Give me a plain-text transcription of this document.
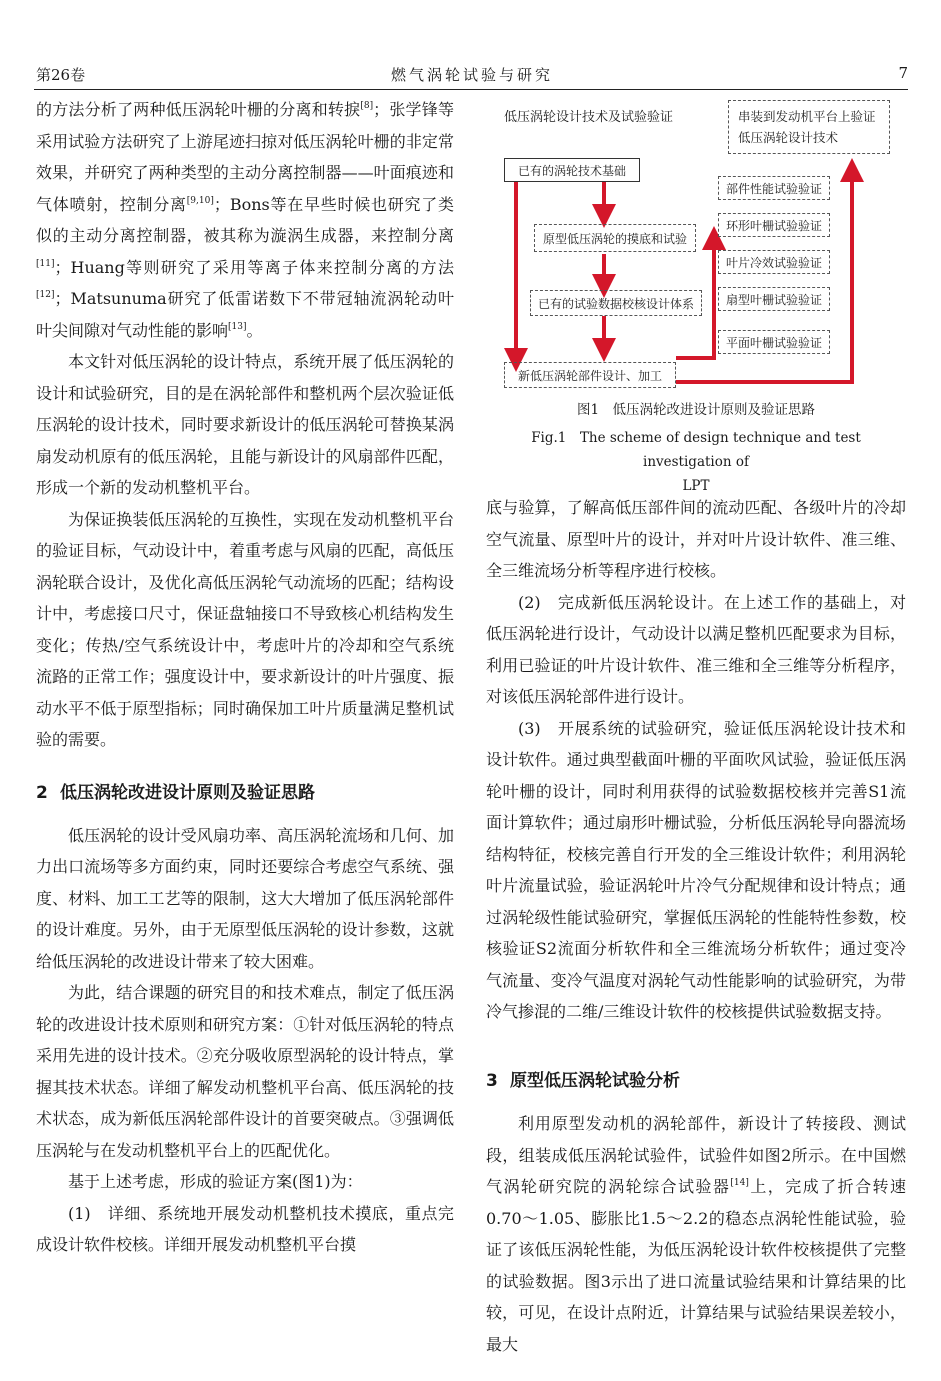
第26卷	燃气涡轮试验与研究	7
的方法分析了两种低压涡轮叶栅的分离和转捩[8]；张学锋等采用试验方法研究了上游尾迹扫掠对低压涡轮叶栅的非定常效果，并研究了两种类型的主动分离控制器——叶面痕迹和气体喷射，控制分离[9,10]；Bons等在早些时候也研究了类似的主动分离控制器，被其称为漩涡生成器，来控制分离[11]；Huang等则研究了采用等离子体来控制分离的方法[12]；Matsunuma研究了低雷诺数下不带冠轴流涡轮动叶叶尖间隙对气动性能的影响[13]。
本文针对低压涡轮的设计特点，系统开展了低压涡轮的设计和试验研究，目的是在涡轮部件和整机两个层次验证低压涡轮的设计技术，同时要求新设计的低压涡轮可替换某涡扇发动机原有的低压涡轮，且能与新设计的风扇部件匹配，形成一个新的发动机整机平台。
为保证换装低压涡轮的互换性，实现在发动机整机平台的验证目标，气动设计中，着重考虑与风扇的匹配，高低压涡轮联合设计，及优化高低压涡轮气动流场的匹配；结构设计中，考虑接口尺寸，保证盘轴接口不导致核心机结构发生变化；传热/空气系统设计中，考虑叶片的冷却和空气系统流路的正常工作；强度设计中，要求新设计的叶片强度、振动水平不低于原型指标；同时确保加工叶片质量满足整机试验的需要。
2 低压涡轮改进设计原则及验证思路
低压涡轮的设计受风扇功率、高压涡轮流场和几何、加力出口流场等多方面约束，同时还要综合考虑空气系统、强度、材料、加工工艺等的限制，这大大增加了低压涡轮部件的设计难度。另外，由于无原型低压涡轮的设计参数，这就给低压涡轮的改进设计带来了较大困难。
为此，结合课题的研究目的和技术难点，制定了低压涡轮的改进设计技术原则和研究方案：①针对低压涡轮的特点采用先进的设计技术。②充分吸收原型涡轮的设计特点，掌握其技术状态。详细了解发动机整机平台高、低压涡轮的技术状态，成为新低压涡轮部件设计的首要突破点。③强调低压涡轮与在发动机整机平台上的匹配优化。
基于上述考虑，形成的验证方案(图1)为：
(1)　详细、系统地开展发动机整机技术摸底，重点完成设计软件校核。详细开展发动机整机平台摸
低压涡轮设计技术及试验验证	串装到发动机平台上验证
低压涡轮设计技术
已有的涡轮技术基础
部件性能试验验证
环形叶栅试验验证
原型低压涡轮的摸底和试验
叶片冷效试验验证
扇型叶栅试验验证
已有的试验数据校核设计体系
平面叶栅试验验证
新低压涡轮部件设计、加工
图1　低压涡轮改进设计原则及验证思路
Fig.1　The scheme of design technique and test investigation of
LPT
底与验算，了解高低压部件间的流动匹配、各级叶片的冷却空气流量、原型叶片的设计，并对叶片设计软件、准三维、全三维流场分析等程序进行校核。
(2)　完成新低压涡轮设计。在上述工作的基础上，对低压涡轮进行设计，气动设计以满足整机匹配要求为目标，利用已验证的叶片设计软件、准三维和全三维等分析程序，对该低压涡轮部件进行设计。
(3)　开展系统的试验研究，验证低压涡轮设计技术和设计软件。通过典型截面叶栅的平面吹风试验，验证低压涡轮叶栅的设计，同时利用获得的试验数据校核并完善S1流面计算软件；通过扇形叶栅试验，分析低压涡轮导向器流场结构特征，校核完善自行开发的全三维设计软件；利用涡轮叶片流量试验，验证涡轮叶片冷气分配规律和设计特点；通过涡轮级性能试验研究，掌握低压涡轮的性能特性参数，校核验证S2流面分析软件和全三维流场分析软件；通过变冷气流量、变冷气温度对涡轮气动性能影响的试验研究，为带冷气掺混的二维/三维设计软件的校核提供试验数据支持。
3 原型低压涡轮试验分析
利用原型发动机的涡轮部件，新设计了转接段、测试段，组装成低压涡轮试验件，试验件如图2所示。在中国燃气涡轮研究院的涡轮综合试验器[14]上，完成了折合转速0.70～1.05、膨胀比1.5～2.2的稳态点涡轮性能试验，验证了该低压涡轮性能，为低压涡轮设计软件校核提供了完整的试验数据。图3示出了进口流量试验结果和计算结果的比较，可见，在设计点附近，计算结果与试验结果误差较小，最大
